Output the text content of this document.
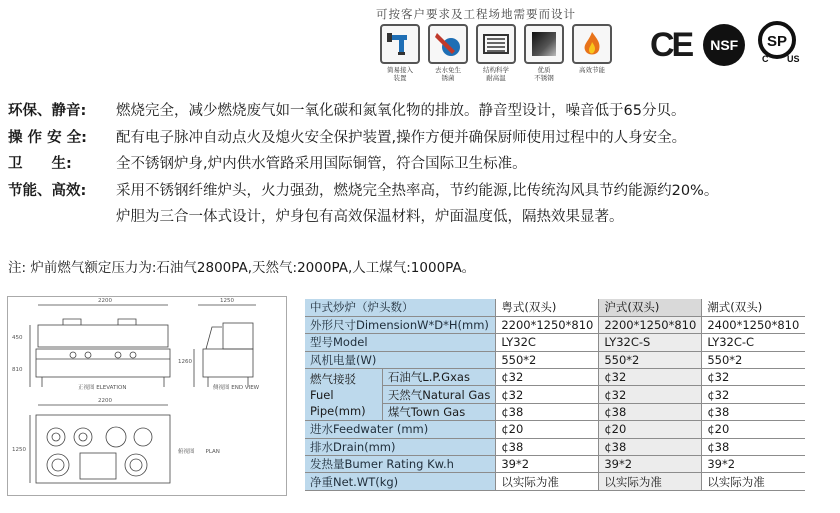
可按客户要求及工程场地需要而设计
简易接入
装置
去水免生
锈菌
结构科学
耐高温
优质
不锈钢
高效节能
CE NSF SP
C US
环保、静音:	燃烧完全，减少燃烧废气如一氧化碳和氮氧化物的排放。静音型设计，噪音低于65分贝。
操 作 安 全:	配有电子脉冲自动点火及熄火安全保护装置,操作方便并确保厨师使用过程中的人身安全。
卫　　生:	全不锈钢炉身,炉内供水管路采用国际铜管，符合国际卫生标准。
节能、高效:	采用不锈钢纤维炉头，火力强劲，燃烧完全热率高，节约能源,比传统沟风具节约能源约20%。
炉胆为三合一体式设计，炉身包有高效保温材料，炉面温度低，隔热效果显著。
注: 炉前燃气额定压力为:石油气2800PA,天然气:2000PA,人工煤气:1000PA。
2200	1250
450
810
1260
2200
1250
正视图 ELEVATION	侧视图 END VIEW
俯视图　　PLAN
中式炒炉（炉头数）		粤式(双头)	沪式(双头)	潮式(双头)
外形尺寸DimensionW*D*H(mm)		2200*1250*810	2200*1250*810	2400*1250*810
型号Model		LY32C	LY32C-S	LY32C-C
风机电量(W)		550*2	550*2	550*2

燃气接驳
Fuel Pipe(mm)	石油气L.P.Gxas	¢32	¢32	¢32
	天然气Natural Gas	¢32	¢32	¢32
	煤气Town Gas	¢38	¢38	¢38
进水Feedwater (mm)		¢20	¢20	¢20
排水Drain(mm)		¢38	¢38	¢38
发热量Bumer Rating Kw.h		39*2	39*2	39*2
净重Net.WT(kg)		以实际为准	以实际为准	以实际为准
